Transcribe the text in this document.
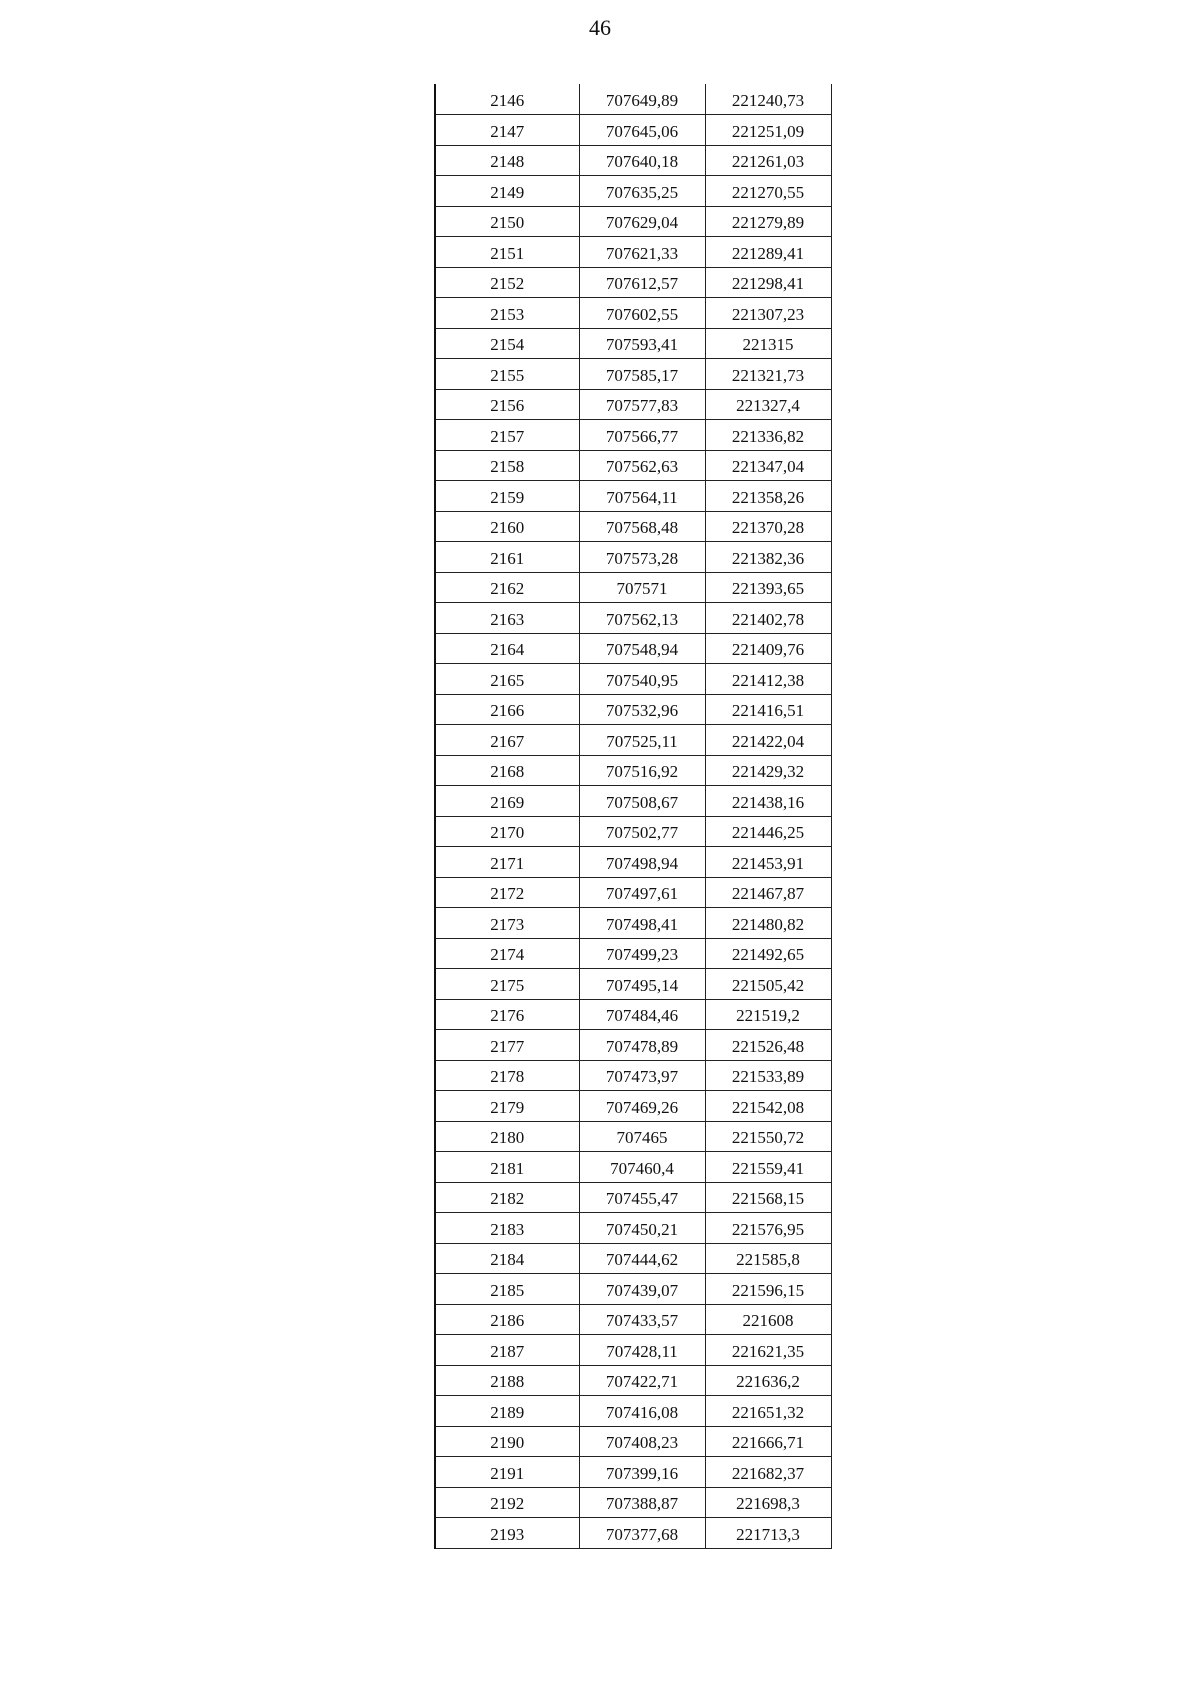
46
2146	707649,89	221240,73
2147	707645,06	221251,09
2148	707640,18	221261,03
2149	707635,25	221270,55
2150	707629,04	221279,89
2151	707621,33	221289,41
2152	707612,57	221298,41
2153	707602,55	221307,23
2154	707593,41	221315
2155	707585,17	221321,73
2156	707577,83	221327,4
2157	707566,77	221336,82
2158	707562,63	221347,04
2159	707564,11	221358,26
2160	707568,48	221370,28
2161	707573,28	221382,36
2162	707571	221393,65
2163	707562,13	221402,78
2164	707548,94	221409,76
2165	707540,95	221412,38
2166	707532,96	221416,51
2167	707525,11	221422,04
2168	707516,92	221429,32
2169	707508,67	221438,16
2170	707502,77	221446,25
2171	707498,94	221453,91
2172	707497,61	221467,87
2173	707498,41	221480,82
2174	707499,23	221492,65
2175	707495,14	221505,42
2176	707484,46	221519,2
2177	707478,89	221526,48
2178	707473,97	221533,89
2179	707469,26	221542,08
2180	707465	221550,72
2181	707460,4	221559,41
2182	707455,47	221568,15
2183	707450,21	221576,95
2184	707444,62	221585,8
2185	707439,07	221596,15
2186	707433,57	221608
2187	707428,11	221621,35
2188	707422,71	221636,2
2189	707416,08	221651,32
2190	707408,23	221666,71
2191	707399,16	221682,37
2192	707388,87	221698,3
2193	707377,68	221713,3
